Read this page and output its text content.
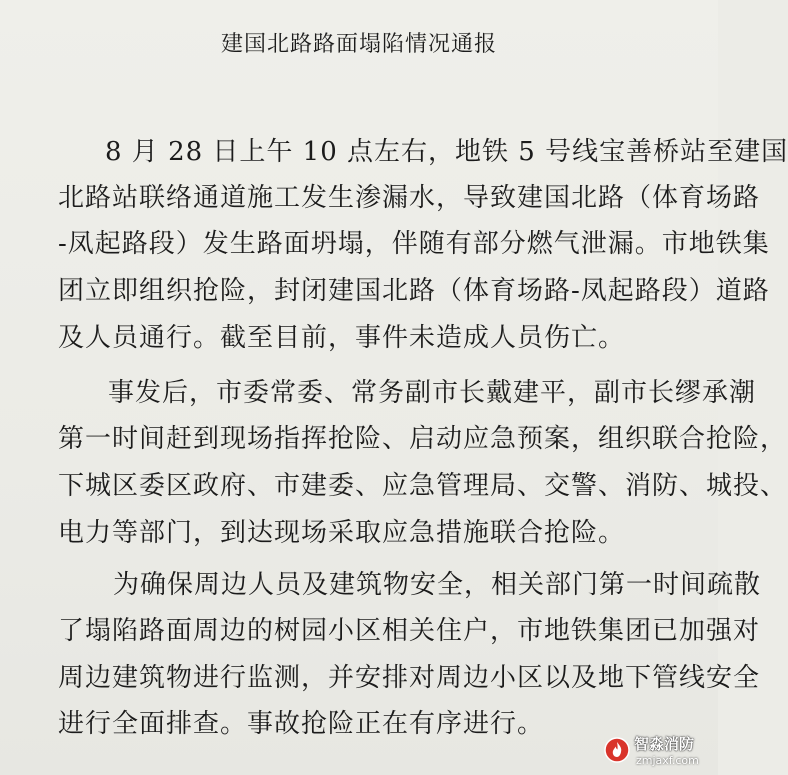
建国北路路面塌陷情况通报
8 月 28 日上午 10 点左右，地铁 5 号线宝善桥站至建国
北路站联络通道施工发生渗漏水，导致建国北路（体育场路
-凤起路段）发生路面坍塌，伴随有部分燃气泄漏。市地铁集
团立即组织抢险，封闭建国北路（体育场路-凤起路段）道路
及人员通行。截至目前，事件未造成人员伤亡。
事发后，市委常委、常务副市长戴建平，副市长缪承潮
第一时间赶到现场指挥抢险、启动应急预案，组织联合抢险，
下城区委区政府、市建委、应急管理局、交警、消防、城投、
电力等部门，到达现场采取应急措施联合抢险。
为确保周边人员及建筑物安全，相关部门第一时间疏散
了塌陷路面周边的树园小区相关住户，市地铁集团已加强对
周边建筑物进行监测，并安排对周边小区以及地下管线安全
进行全面排查。事故抢险正在有序进行。
智淼消防
zmjaxf.com
